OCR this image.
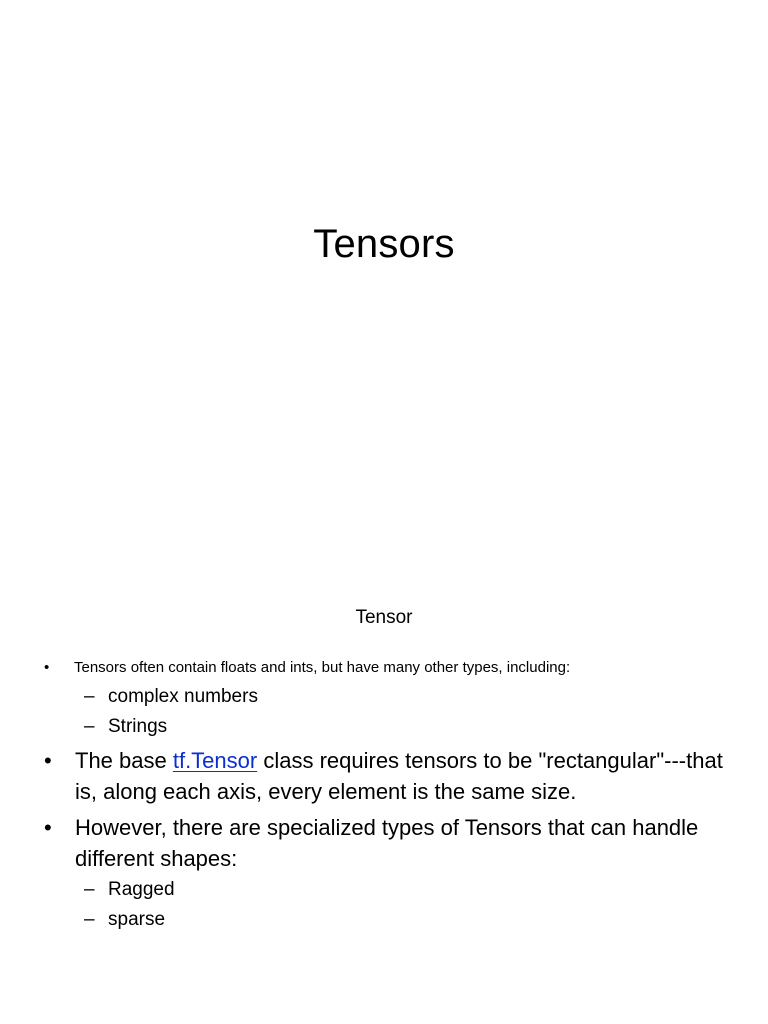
Tensors
Tensor
•	Tensors often contain floats and ints, but have many other types, including:
– complex numbers
– Strings
•	The base tf.Tensor class requires tensors to be "rectangular"---that is, along each axis, every element is the same size.
•	However, there are specialized types of Tensors that can handle different shapes:
– Ragged
– sparse
